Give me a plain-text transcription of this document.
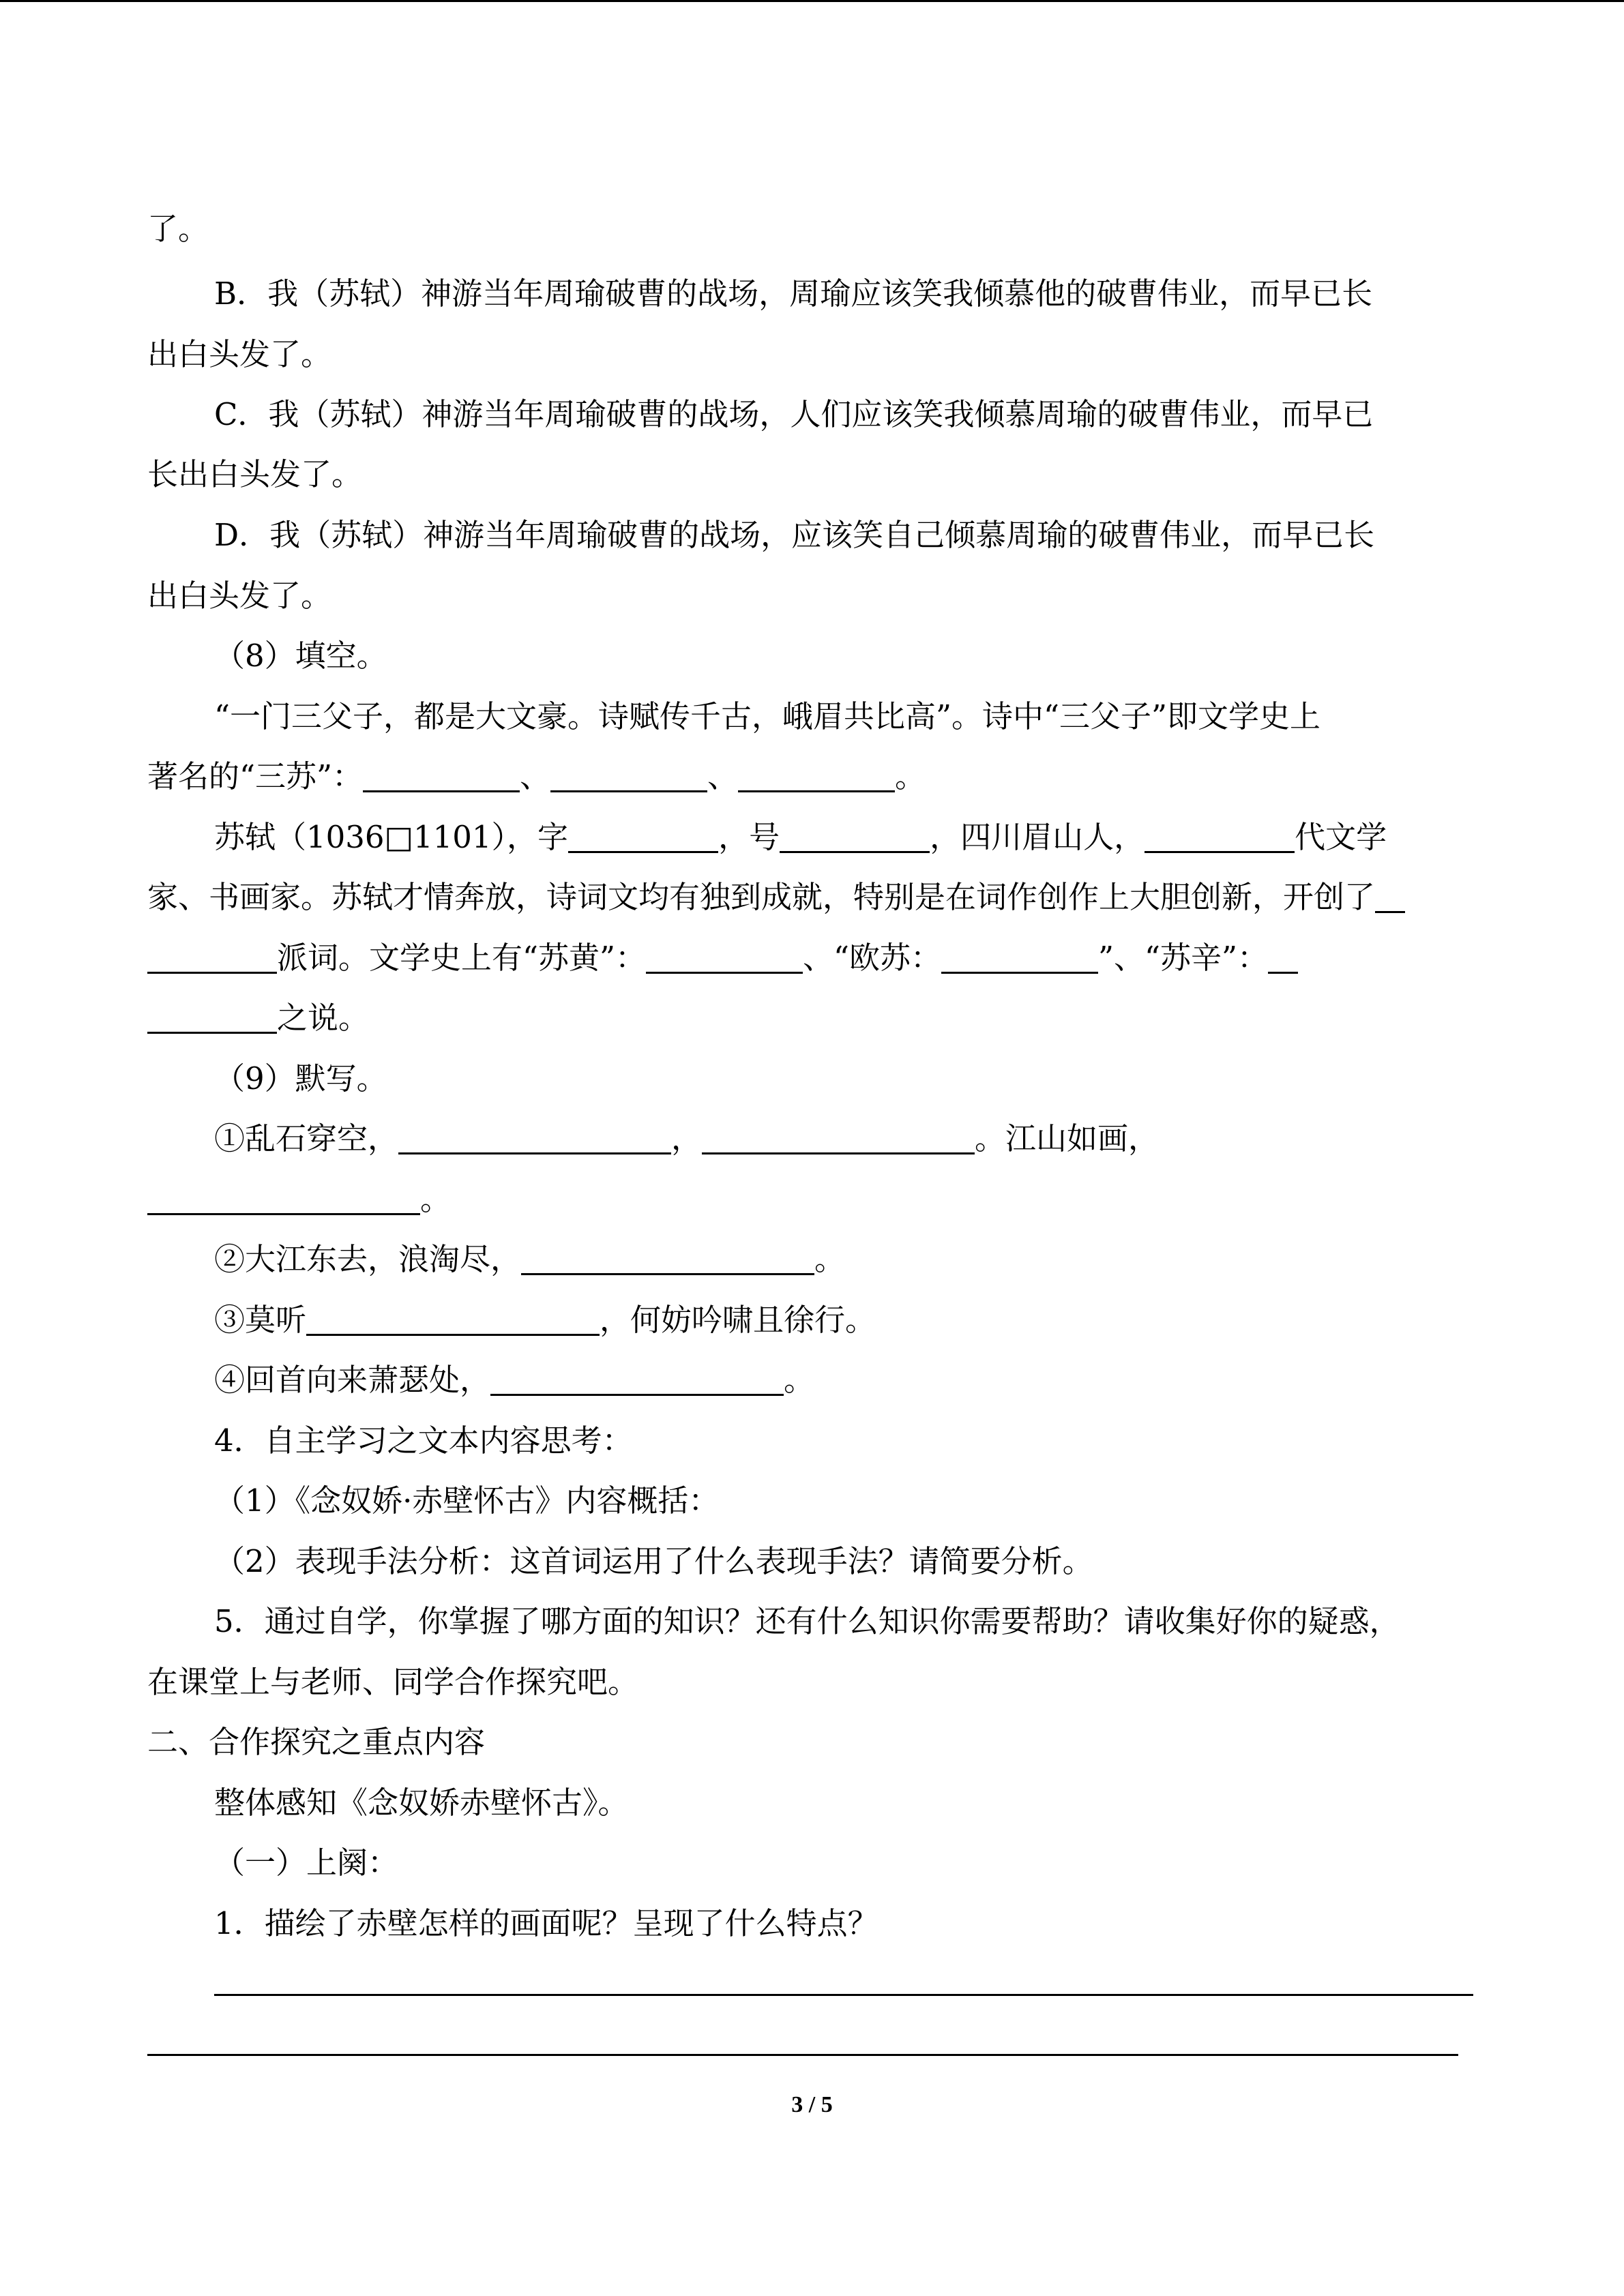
了。
B．我（苏轼）神游当年周瑜破曹的战场，周瑜应该笑我倾慕他的破曹伟业，而早已长
出白头发了。
C．我（苏轼）神游当年周瑜破曹的战场，人们应该笑我倾慕周瑜的破曹伟业，而早已
长出白头发了。
D．我（苏轼）神游当年周瑜破曹的战场，应该笑自己倾慕周瑜的破曹伟业，而早已长
出白头发了。
（8）填空。
“一门三父子，都是大文豪。诗赋传千古，峨眉共比高”。诗中“三父子”即文学史上
著名的“三苏”：	、	、	。
苏轼（1036□1101），字	，号	，四川眉山人，	代文学
家、书画家。苏轼才情奔放，诗词文均有独到成就，特别是在词作创作上大胆创新，开创了
派词。文学史上有“苏黄”：	、“欧苏：	”、“苏辛”：
之说。
（9）默写。
①乱石穿空，	，	。江山如画，
。
②大江东去，浪淘尽，	。
③莫听	，何妨吟啸且徐行。
④回首向来萧瑟处，	。
4．自主学习之文本内容思考：
（1）《念奴娇·赤壁怀古》内容概括：
（2）表现手法分析：这首词运用了什么表现手法？请简要分析。
5．通过自学，你掌握了哪方面的知识？还有什么知识你需要帮助？请收集好你的疑惑，
在课堂上与老师、同学合作探究吧。
二、合作探究之重点内容
整体感知《念奴娇赤壁怀古》。
（一）上阕：
1．描绘了赤壁怎样的画面呢？呈现了什么特点？
3 / 5
